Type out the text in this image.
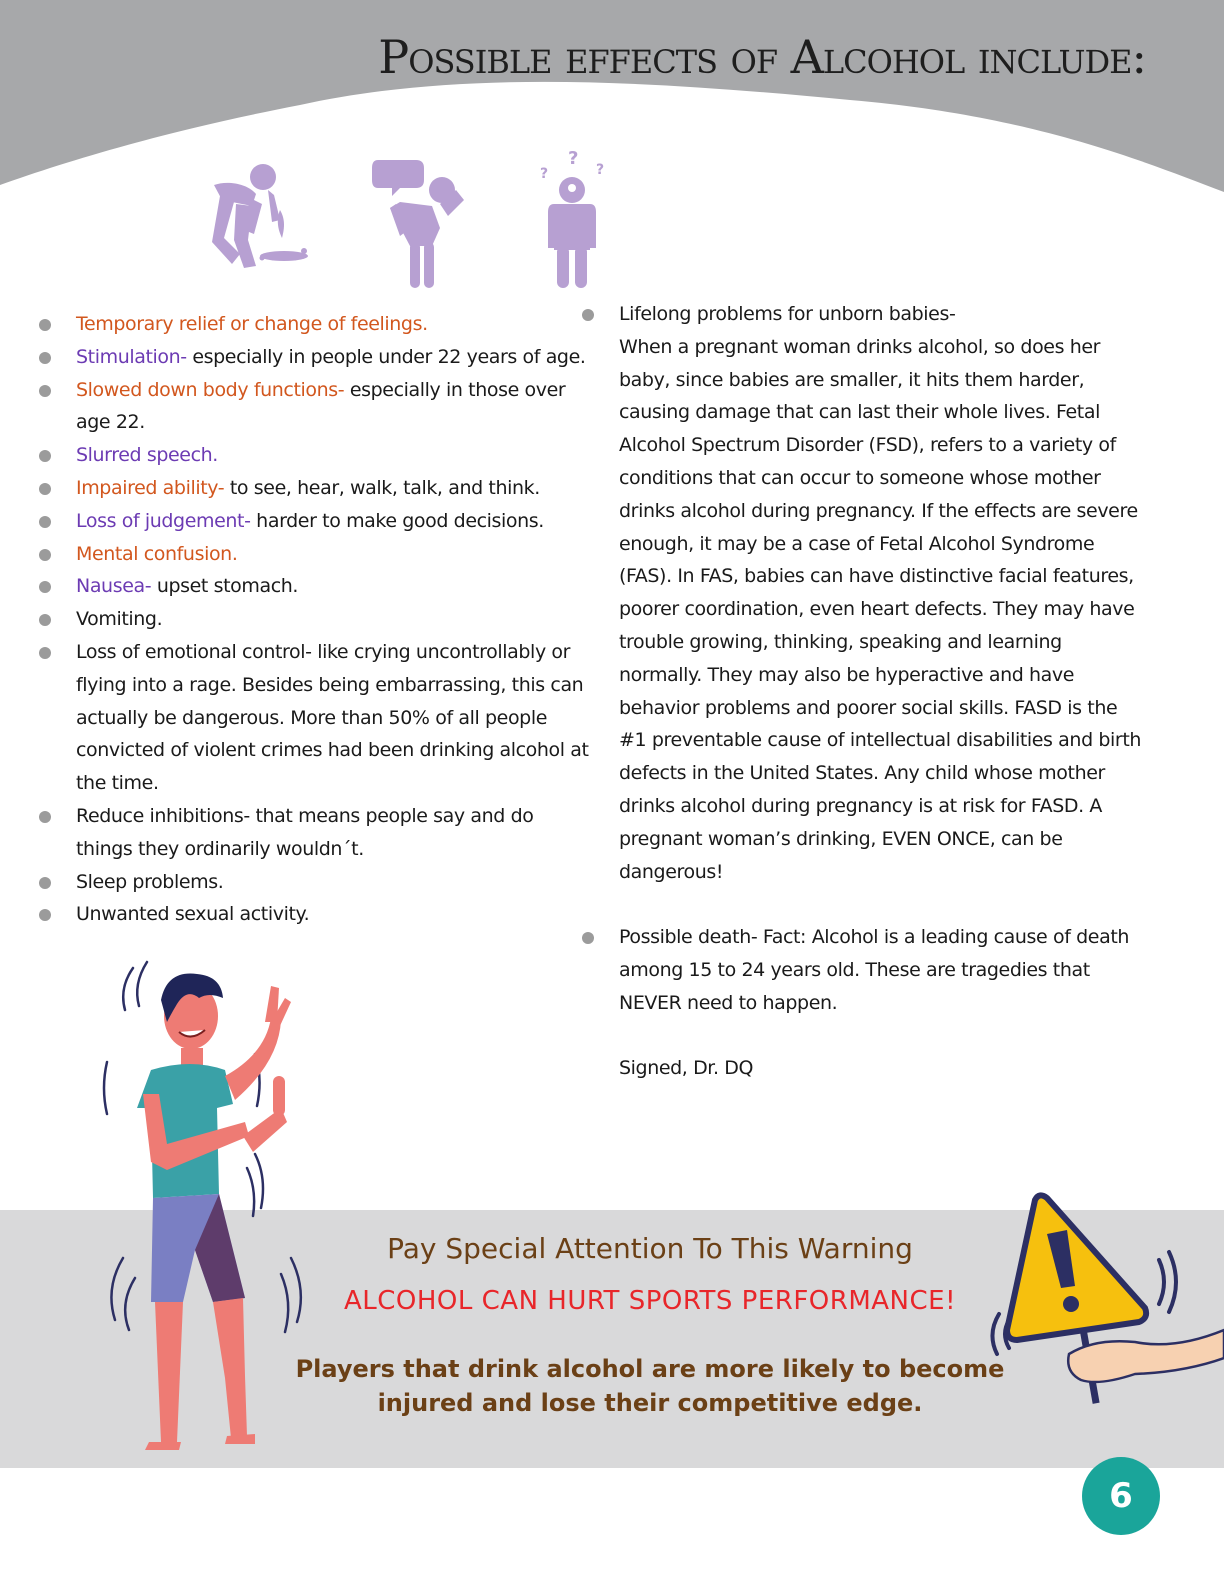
Possible effects of Alcohol include:
?
?
?
Temporary relief or change of feelings.
Stimulation- especially in people under 22 years of age.
Slowed down body functions- especially in those over age 22.
Slurred speech.
Impaired ability- to see, hear, walk, talk, and think.
Loss of judgement- harder to make good decisions.
Mental confusion.
Nausea- upset stomach.
Vomiting.
Loss of emotional control- like crying uncontrollably or flying into a rage. Besides being embarrassing, this can actually be dangerous. More than 50% of all people convicted of violent crimes had been drinking alcohol at the time.
Reduce inhibitions- that means people say and do things they ordinarily wouldn´t.
Sleep problems.
Unwanted sexual activity.
Lifelong problems for unborn babies-
When a pregnant woman drinks alcohol, so does her baby, since babies are smaller, it hits them harder, causing damage that can last their whole lives. Fetal Alcohol Spectrum Disorder (FSD), refers to a variety of conditions that can occur to someone whose mother drinks alcohol during pregnancy. If the effects are severe enough, it may be a case of Fetal Alcohol Syndrome (FAS). In FAS, babies can have distinctive facial features, poorer coordination, even heart defects. They may have trouble growing, thinking, speaking and learning normally. They may also be hyperactive and have behavior problems and poorer social skills. FASD is the #1 preventable cause of intellectual disabilities and birth defects in the United States. Any child whose mother drinks alcohol during pregnancy is at risk for FASD. A pregnant woman’s drinking, EVEN ONCE, can be dangerous!
Possible death- Fact: Alcohol is a leading cause of death among 15 to 24 years old. These are tragedies that NEVER need to happen.
Signed, Dr. DQ
Pay Special Attention To This Warning

ALCOHOL CAN HURT SPORTS PERFORMANCE!

Players that drink alcohol are more likely to become injured and lose their competitive edge.

6
